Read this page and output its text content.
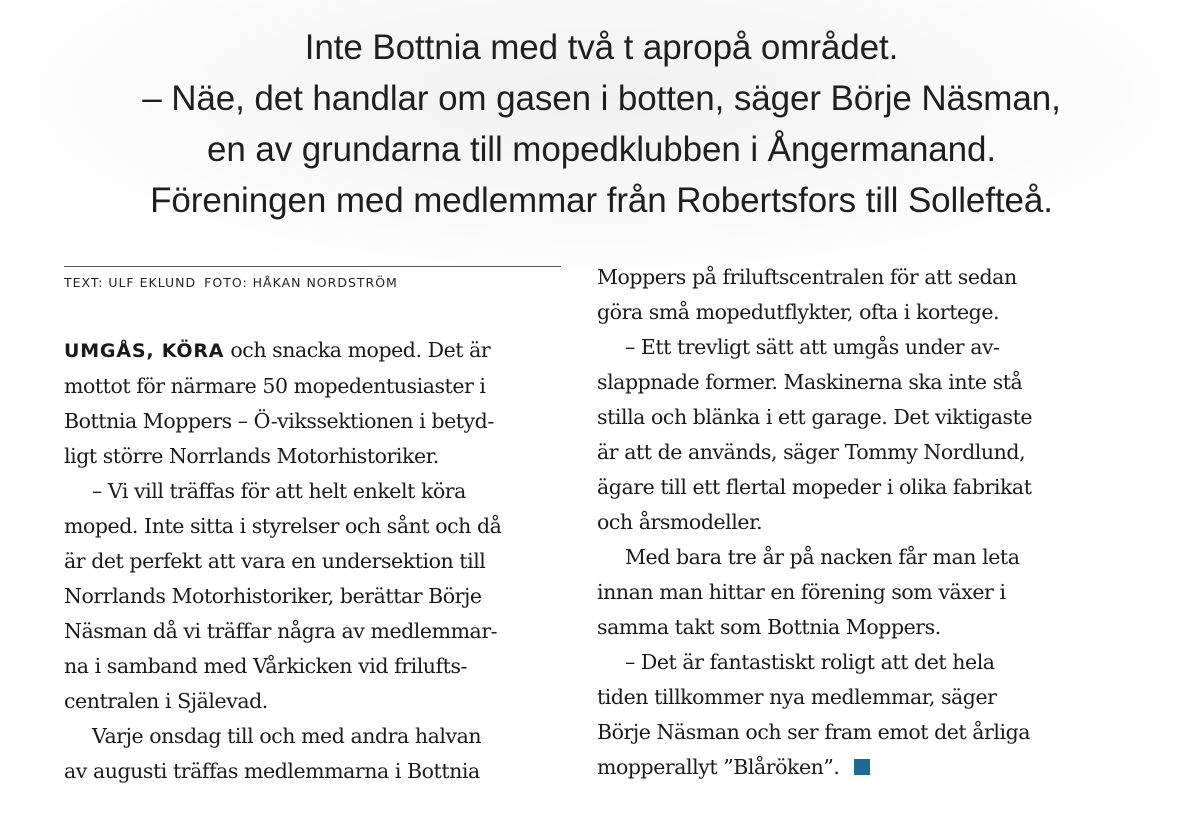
Inte Bottnia med två t apropå området.
– Näe, det handlar om gasen i botten, säger Börje Näsman,
en av grundarna till mopedklubben i Ångermanand.
Föreningen med medlemmar från Robertsfors till Sollefteå.
TEXT: ULF EKLUND FOTO: HÅKAN NORDSTRÖM
UMGÅS, KÖRA och snacka moped. Det är
mottot för närmare 50 mopedentusiaster i
Bottnia Moppers – Ö-vikssektionen i betyd-
ligt större Norrlands Motorhistoriker.
– Vi vill träffas för att helt enkelt köra
moped. Inte sitta i styrelser och sånt och då
är det perfekt att vara en undersektion till
Norrlands Motorhistoriker, berättar Börje
Näsman då vi träffar några av medlemmar-
na i samband med Vårkicken vid frilufts-
centralen i Själevad.
Varje onsdag till och med andra halvan
av augusti träffas medlemmarna i Bottnia
Moppers på friluftscentralen för att sedan
göra små mopedutflykter, ofta i kortege.
– Ett trevligt sätt att umgås under av-
slappnade former. Maskinerna ska inte stå
stilla och blänka i ett garage. Det viktigaste
är att de används, säger Tommy Nordlund,
ägare till ett flertal mopeder i olika fabrikat
och årsmodeller.
Med bara tre år på nacken får man leta
innan man hittar en förening som växer i
samma takt som Bottnia Moppers.
– Det är fantastiskt roligt att det hela
tiden tillkommer nya medlemmar, säger
Börje Näsman och ser fram emot det årliga
mopperallyt ”Blåröken”.
